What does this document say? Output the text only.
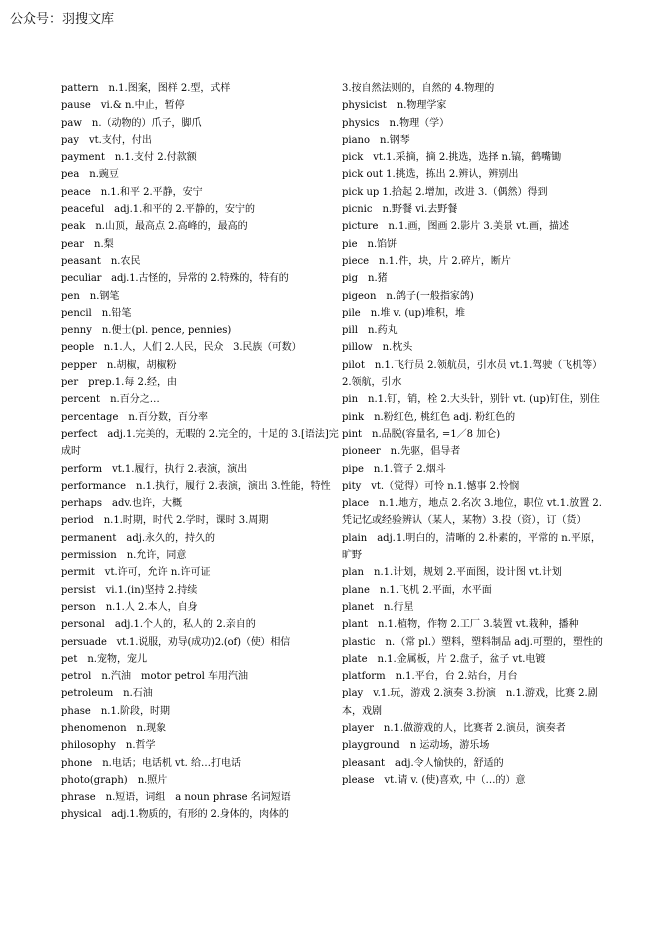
公众号：羽搜文库

pattern　n.1.图案，图样 2.型，式样

pause　vi.& n.中止，暂停

paw　n.（动物的）爪子，脚爪

pay　vt.支付，付出

payment　n.1.支付 2.付款额

pea　n.豌豆

peace　n.1.和平 2.平静，安宁

peaceful　adj.1.和平的 2.平静的，安宁的

peak　n.山顶，最高点 2.高峰的，最高的

pear　n.梨

peasant　n.农民

peculiar　adj.1.古怪的，异常的 2.特殊的，特有的

pen　n.钢笔

pencil　n.铅笔

penny　n.便士(pl. pence, pennies)

people　n.1.人，人们 2.人民，民众　3.民族（可数）

pepper　n.胡椒，胡椒粉

per　prep.1.每 2.经，由

percent　n.百分之…

percentage　n.百分数，百分率

perfect　adj.1.完美的，无暇的 2.完全的，十足的 3.[语法]完成时

perform　vt.1.履行，执行 2.表演，演出

performance　n.1.执行，履行 2.表演，演出 3.性能，特性

perhaps　adv.也许，大概

period　n.1.时期，时代 2.学时，课时 3.周期

permanent　adj.永久的，持久的

permission　n.允许，同意

permit　vt.许可，允许 n.许可证

persist　vi.1.(in)坚持 2.持续

person　n.1.人 2.本人，自身

personal　adj.1.个人的，私人的 2.亲自的

persuade　vt.1.说服，劝导(成功)2.(of)（使）相信

pet　n.宠物，宠儿

petrol　n.汽油　motor petrol 车用汽油

petroleum　n.石油

phase　n.1.阶段，时期

phenomenon　n.现象

philosophy　n.哲学

phone　n.电话；电话机 vt. 给…打电话

photo(graph)　n.照片

phrase　n.短语，词组　a noun phrase 名词短语

physical　adj.1.物质的，有形的 2.身体的，肉体的

3.按自然法则的，自然的 4.物理的

physicist　n.物理学家

physics　n.物理（学）

piano　n.钢琴

pick　vt.1.采摘，摘 2.挑选，选择 n.镐，鹤嘴锄

pick out 1.挑选，拣出 2.辨认，辨别出

pick up 1.拾起 2.增加，改进 3.（偶然）得到

picnic　n.野餐 vi.去野餐

picture　n.1.画，图画 2.影片 3.美景 vt.画，描述

pie　n.馅饼

piece　n.1.件，块，片 2.碎片，断片

pig　n.猪

pigeon　n.鸽子(一般指家鸽)

pile　n.堆 v. (up)堆积，堆

pill　n.药丸

pillow　n.枕头

pilot　n.1.飞行员 2.领航员，引水员 vt.1.驾驶（飞机等）2.领航，引水

pin　n.1.钉，销，栓 2.大头针，别针 vt. (up)钉住，别住

pink　n.粉红色, 桃红色 adj. 粉红色的

pint　n.品脱(容量名, =1／8 加仑)

pioneer　n.先驱，倡导者

pipe　n.1.管子 2.烟斗

pity　vt.（觉得）可怜 n.1.憾事 2.怜悯

place　n.1.地方，地点 2.名次 3.地位，职位 vt.1.放置 2.凭记忆或经验辨认（某人，某物）3.投（资），订（货）

plain　adj.1.明白的，清晰的 2.朴素的，平常的 n.平原，旷野

plan　n.1.计划，规划 2.平面图，设计图 vt.计划

plane　n.1.飞机 2.平面，水平面

planet　n.行星

plant　n.1.植物，作物 2.工厂 3.装置 vt.栽种，播种

plastic　n.（常 pl.）塑料，塑料制品 adj.可塑的，塑性的

plate　n.1.金属板，片 2.盘子，盆子 vt.电镀

platform　n.1.平台，台 2.站台，月台

play　v.1.玩，游戏 2.演奏 3.扮演　n.1.游戏，比赛 2.剧本，戏剧

player　n.1.做游戏的人，比赛者 2.演员，演奏者

playground　n 运动场，游乐场

pleasant　adj.令人愉快的，舒适的

please　vt.请 v. (使)喜欢, 中（…的）意
